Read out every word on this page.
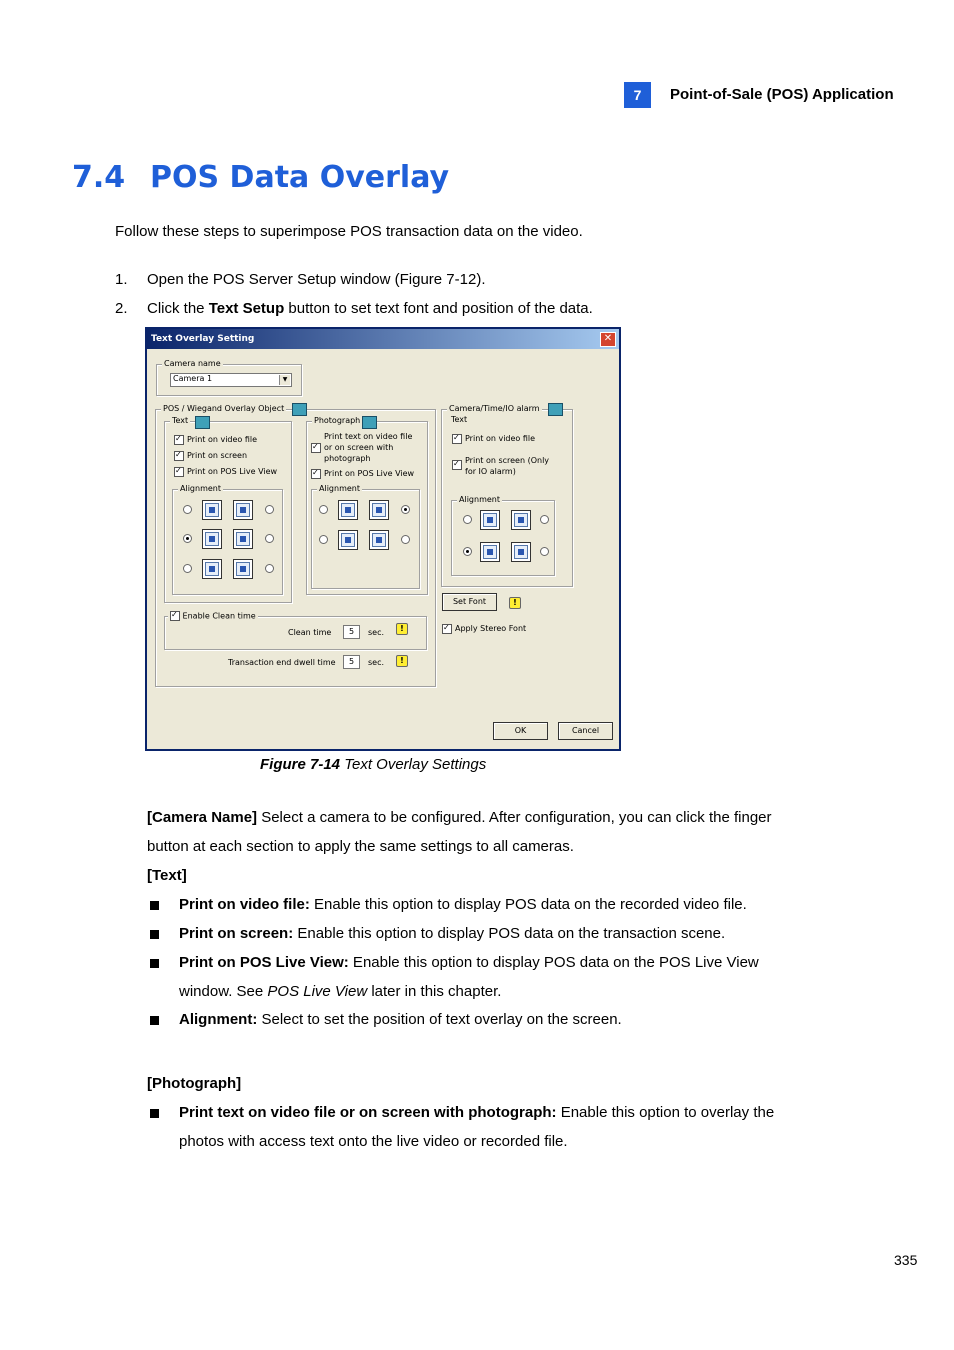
7	Point-of-Sale (POS) Application
7.4 POS Data Overlay
Follow these steps to superimpose POS transaction data on the video.
1. Open the POS Server Setup window (Figure 7-12).
2. Click the Text Setup button to set text font and position of the data.
Text Overlay Setting	✕
Camera name
Camera 1	▼
POS / Wiegand Overlay Object
Text
✓
Print on video file
✓
Print on screen
✓
Print on POS Live View
Alignment
Photograph
✓
Print text on video file
or on screen with
photograph
✓
Print on POS Live View
Alignment
✓ Enable Clean time
Clean time	5	sec.	!
Transaction end dwell time	5	sec.	!
Camera/Time/IO alarm
Text
✓
Print on video file
✓
Print on screen (Only
for IO alarm)
Alignment
Set Font	!
✓
Apply Stereo Font
OK	Cancel
Figure 7-14 Text Overlay Settings
[Camera Name] Select a camera to be configured. After configuration, you can click the finger
button at each section to apply the same settings to all cameras.
[Text]
Print on video file: Enable this option to display POS data on the recorded video file.
Print on screen: Enable this option to display POS data on the transaction scene.
Print on POS Live View: Enable this option to display POS data on the POS Live View
window. See POS Live View later in this chapter.
Alignment: Select to set the position of text overlay on the screen.
[Photograph]
Print text on video file or on screen with photograph: Enable this option to overlay the
photos with access text onto the live video or recorded file.
335
